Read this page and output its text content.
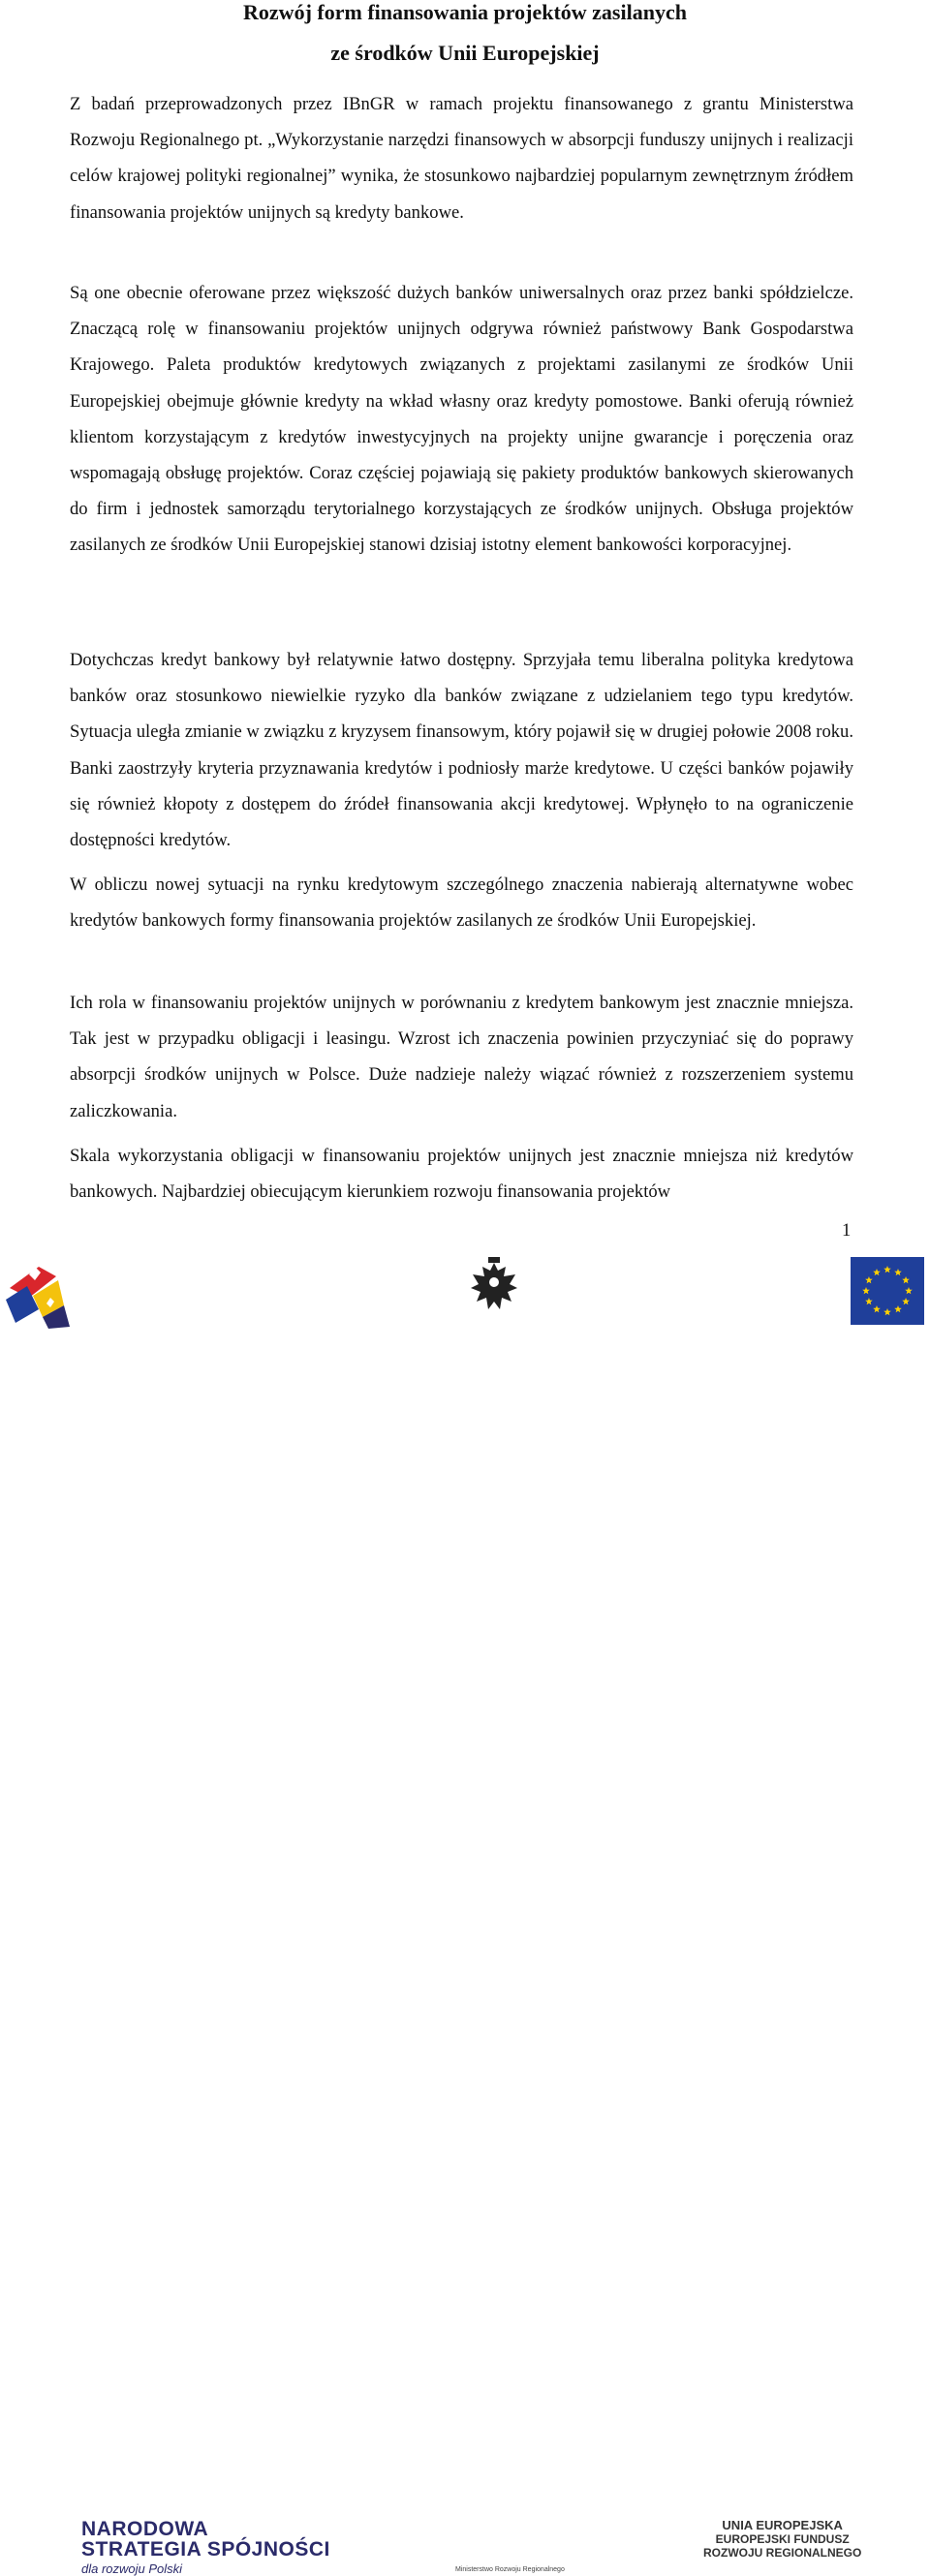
Rozwój form finansowania projektów zasilanych
ze środków Unii Europejskiej

Z badań przeprowadzonych przez IBnGR w ramach projektu finansowanego z grantu Ministerstwa Rozwoju Regionalnego pt. „Wykorzystanie narzędzi finansowych w absorpcji funduszy unijnych i realizacji celów krajowej polityki regionalnej” wynika, że stosunkowo najbardziej popularnym zewnętrznym źródłem finansowania projektów unijnych są kredyty bankowe.

Są one obecnie oferowane przez większość dużych banków uniwersalnych oraz przez banki spółdzielcze. Znaczącą rolę w finansowaniu projektów unijnych odgrywa również państwowy Bank Gospodarstwa Krajowego. Paleta produktów kredytowych związanych z projektami zasilanymi ze środków Unii Europejskiej obejmuje głównie kredyty na wkład własny oraz kredyty pomostowe. Banki oferują również klientom korzystającym z kredytów inwestycyjnych na projekty unijne gwarancje i poręczenia oraz wspomagają obsługę projektów. Coraz częściej pojawiają się pakiety produktów bankowych skierowanych do firm i jednostek samorządu terytorialnego korzystających ze środków unijnych. Obsługa projektów zasilanych ze środków Unii Europejskiej stanowi dzisiaj istotny element bankowości korporacyjnej.

Dotychczas kredyt bankowy był relatywnie łatwo dostępny. Sprzyjała temu liberalna polityka kredytowa banków oraz stosunkowo niewielkie ryzyko dla banków związane z udzielaniem tego typu kredytów. Sytuacja uległa zmianie w związku z kryzysem finansowym, który pojawił się w drugiej połowie 2008 roku. Banki zaostrzyły kryteria przyznawania kredytów i podniosły marże kredytowe. U części banków pojawiły się również kłopoty z dostępem do źródeł finansowania akcji kredytowej. Wpłynęło to na ograniczenie dostępności kredytów.

W obliczu nowej sytuacji na rynku kredytowym szczególnego znaczenia nabierają alternatywne wobec kredytów bankowych formy finansowania projektów zasilanych ze środków Unii Europejskiej.

Ich rola w finansowaniu projektów unijnych w porównaniu z kredytem bankowym jest znacznie mniejsza. Tak jest w przypadku obligacji i leasingu. Wzrost ich znaczenia powinien przyczyniać się do poprawy absorpcji środków unijnych w Polsce. Duże nadzieje należy wiązać również z rozszerzeniem systemu zaliczkowania.

Skala wykorzystania obligacji w finansowaniu projektów unijnych jest znacznie mniejsza niż kredytów bankowych. Najbardziej obiecującym kierunkiem rozwoju finansowania projektów

1
NARODOWA
STRATEGIA SPÓJNOŚCI
dla rozwoju Polski	Ministerstwo Rozwoju Regionalnego
UNIA EUROPEJSKA
EUROPEJSKI FUNDUSZ
ROZWOJU REGIONALNEGO
